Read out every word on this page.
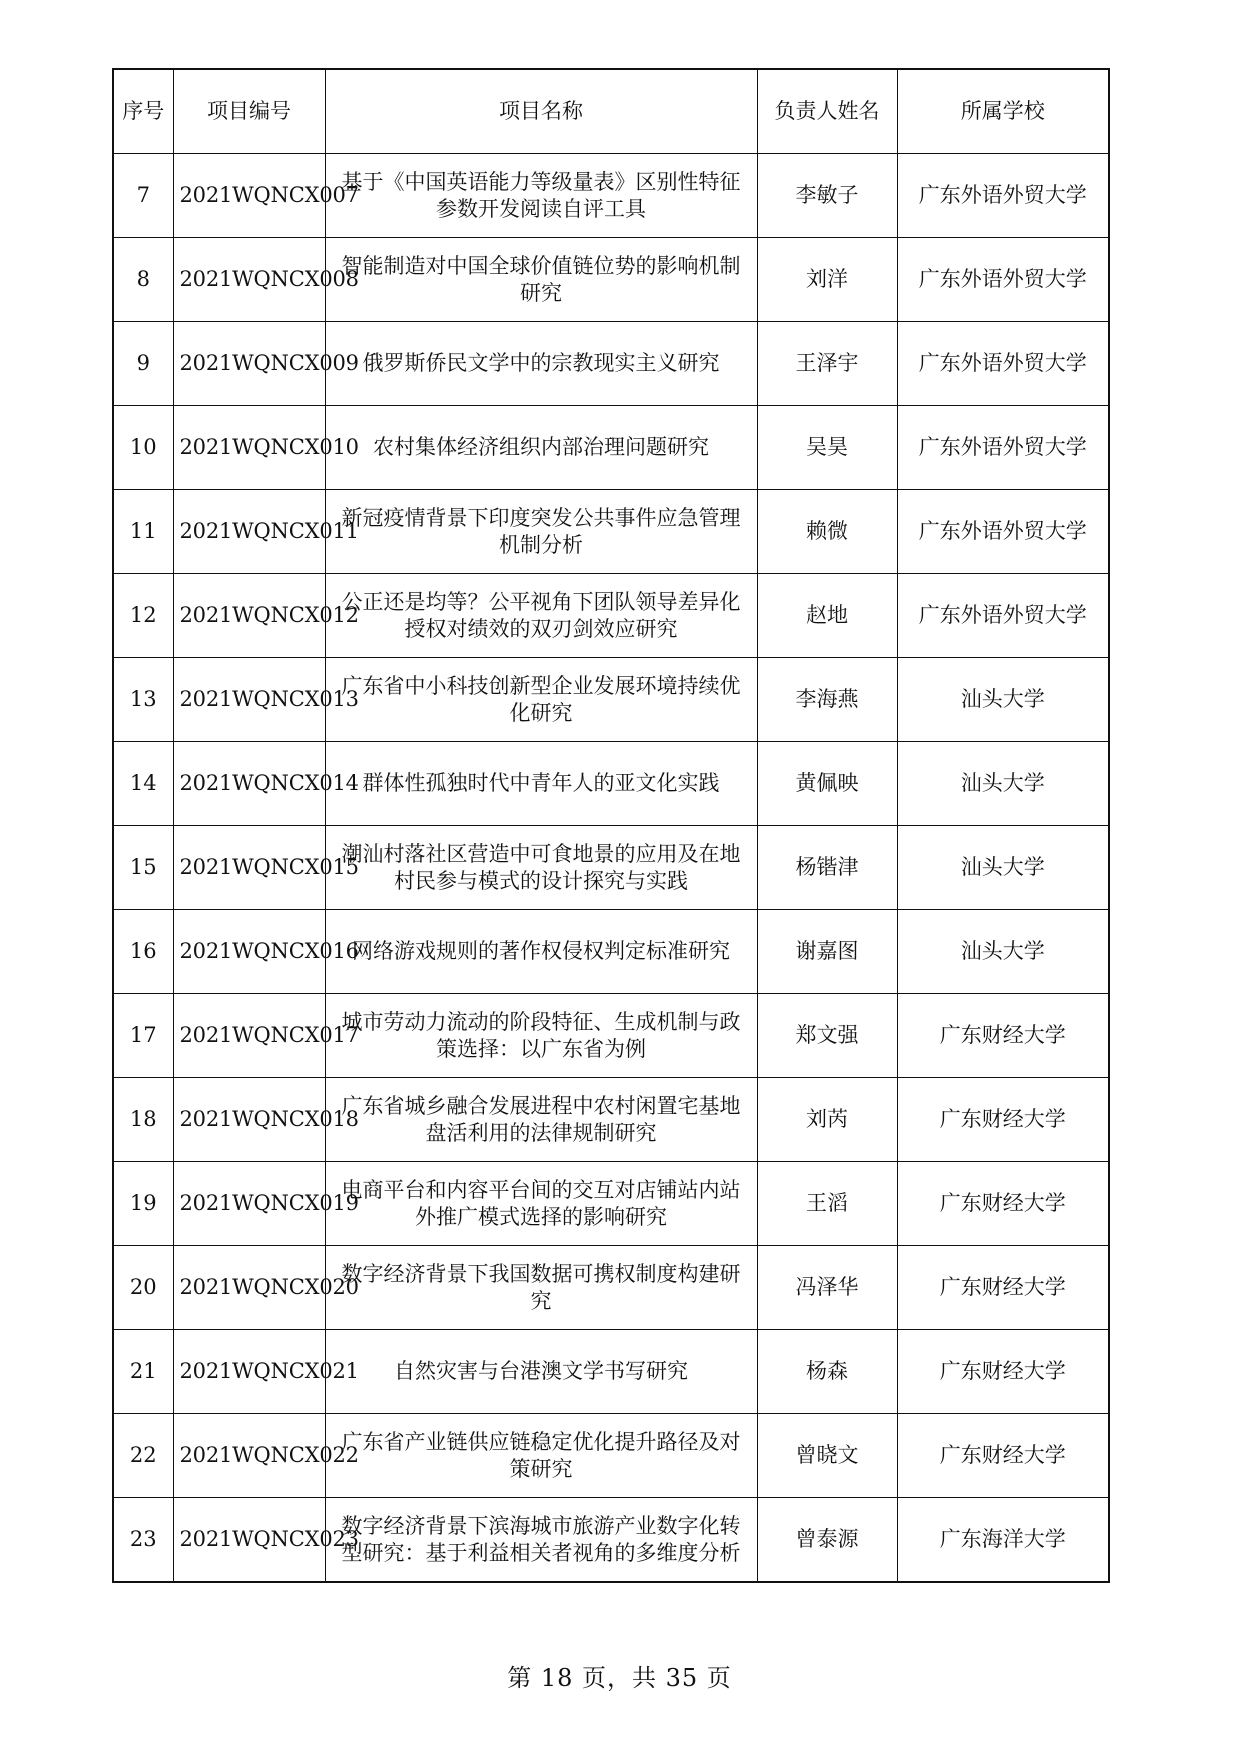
序号	项目编号	项目名称	负责人姓名	所属学校
7	2021WQNCX007	基于《中国英语能力等级量表》区别性特征参数开发阅读自评工具	李敏子	广东外语外贸大学
8	2021WQNCX008	智能制造对中国全球价值链位势的影响机制研究	刘洋	广东外语外贸大学
9	2021WQNCX009	俄罗斯侨民文学中的宗教现实主义研究	王泽宇	广东外语外贸大学
10	2021WQNCX010	农村集体经济组织内部治理问题研究	吴昊	广东外语外贸大学
11	2021WQNCX011	新冠疫情背景下印度突发公共事件应急管理机制分析	赖微	广东外语外贸大学
12	2021WQNCX012	公正还是均等？公平视角下团队领导差异化授权对绩效的双刃剑效应研究	赵地	广东外语外贸大学
13	2021WQNCX013	广东省中小科技创新型企业发展环境持续优化研究	李海燕	汕头大学
14	2021WQNCX014	群体性孤独时代中青年人的亚文化实践	黄佩映	汕头大学
15	2021WQNCX015	潮汕村落社区营造中可食地景的应用及在地村民参与模式的设计探究与实践	杨锴津	汕头大学
16	2021WQNCX016	网络游戏规则的著作权侵权判定标准研究	谢嘉图	汕头大学
17	2021WQNCX017	城市劳动力流动的阶段特征、生成机制与政策选择：以广东省为例	郑文强	广东财经大学
18	2021WQNCX018	广东省城乡融合发展进程中农村闲置宅基地盘活利用的法律规制研究	刘芮	广东财经大学
19	2021WQNCX019	电商平台和内容平台间的交互对店铺站内站外推广模式选择的影响研究	王滔	广东财经大学
20	2021WQNCX020	数字经济背景下我国数据可携权制度构建研究	冯泽华	广东财经大学
21	2021WQNCX021	自然灾害与台港澳文学书写研究	杨森	广东财经大学
22	2021WQNCX022	广东省产业链供应链稳定优化提升路径及对策研究	曾晓文	广东财经大学
23	2021WQNCX023	数字经济背景下滨海城市旅游产业数字化转型研究：基于利益相关者视角的多维度分析	曾泰源	广东海洋大学
第 18 页，共 35 页
